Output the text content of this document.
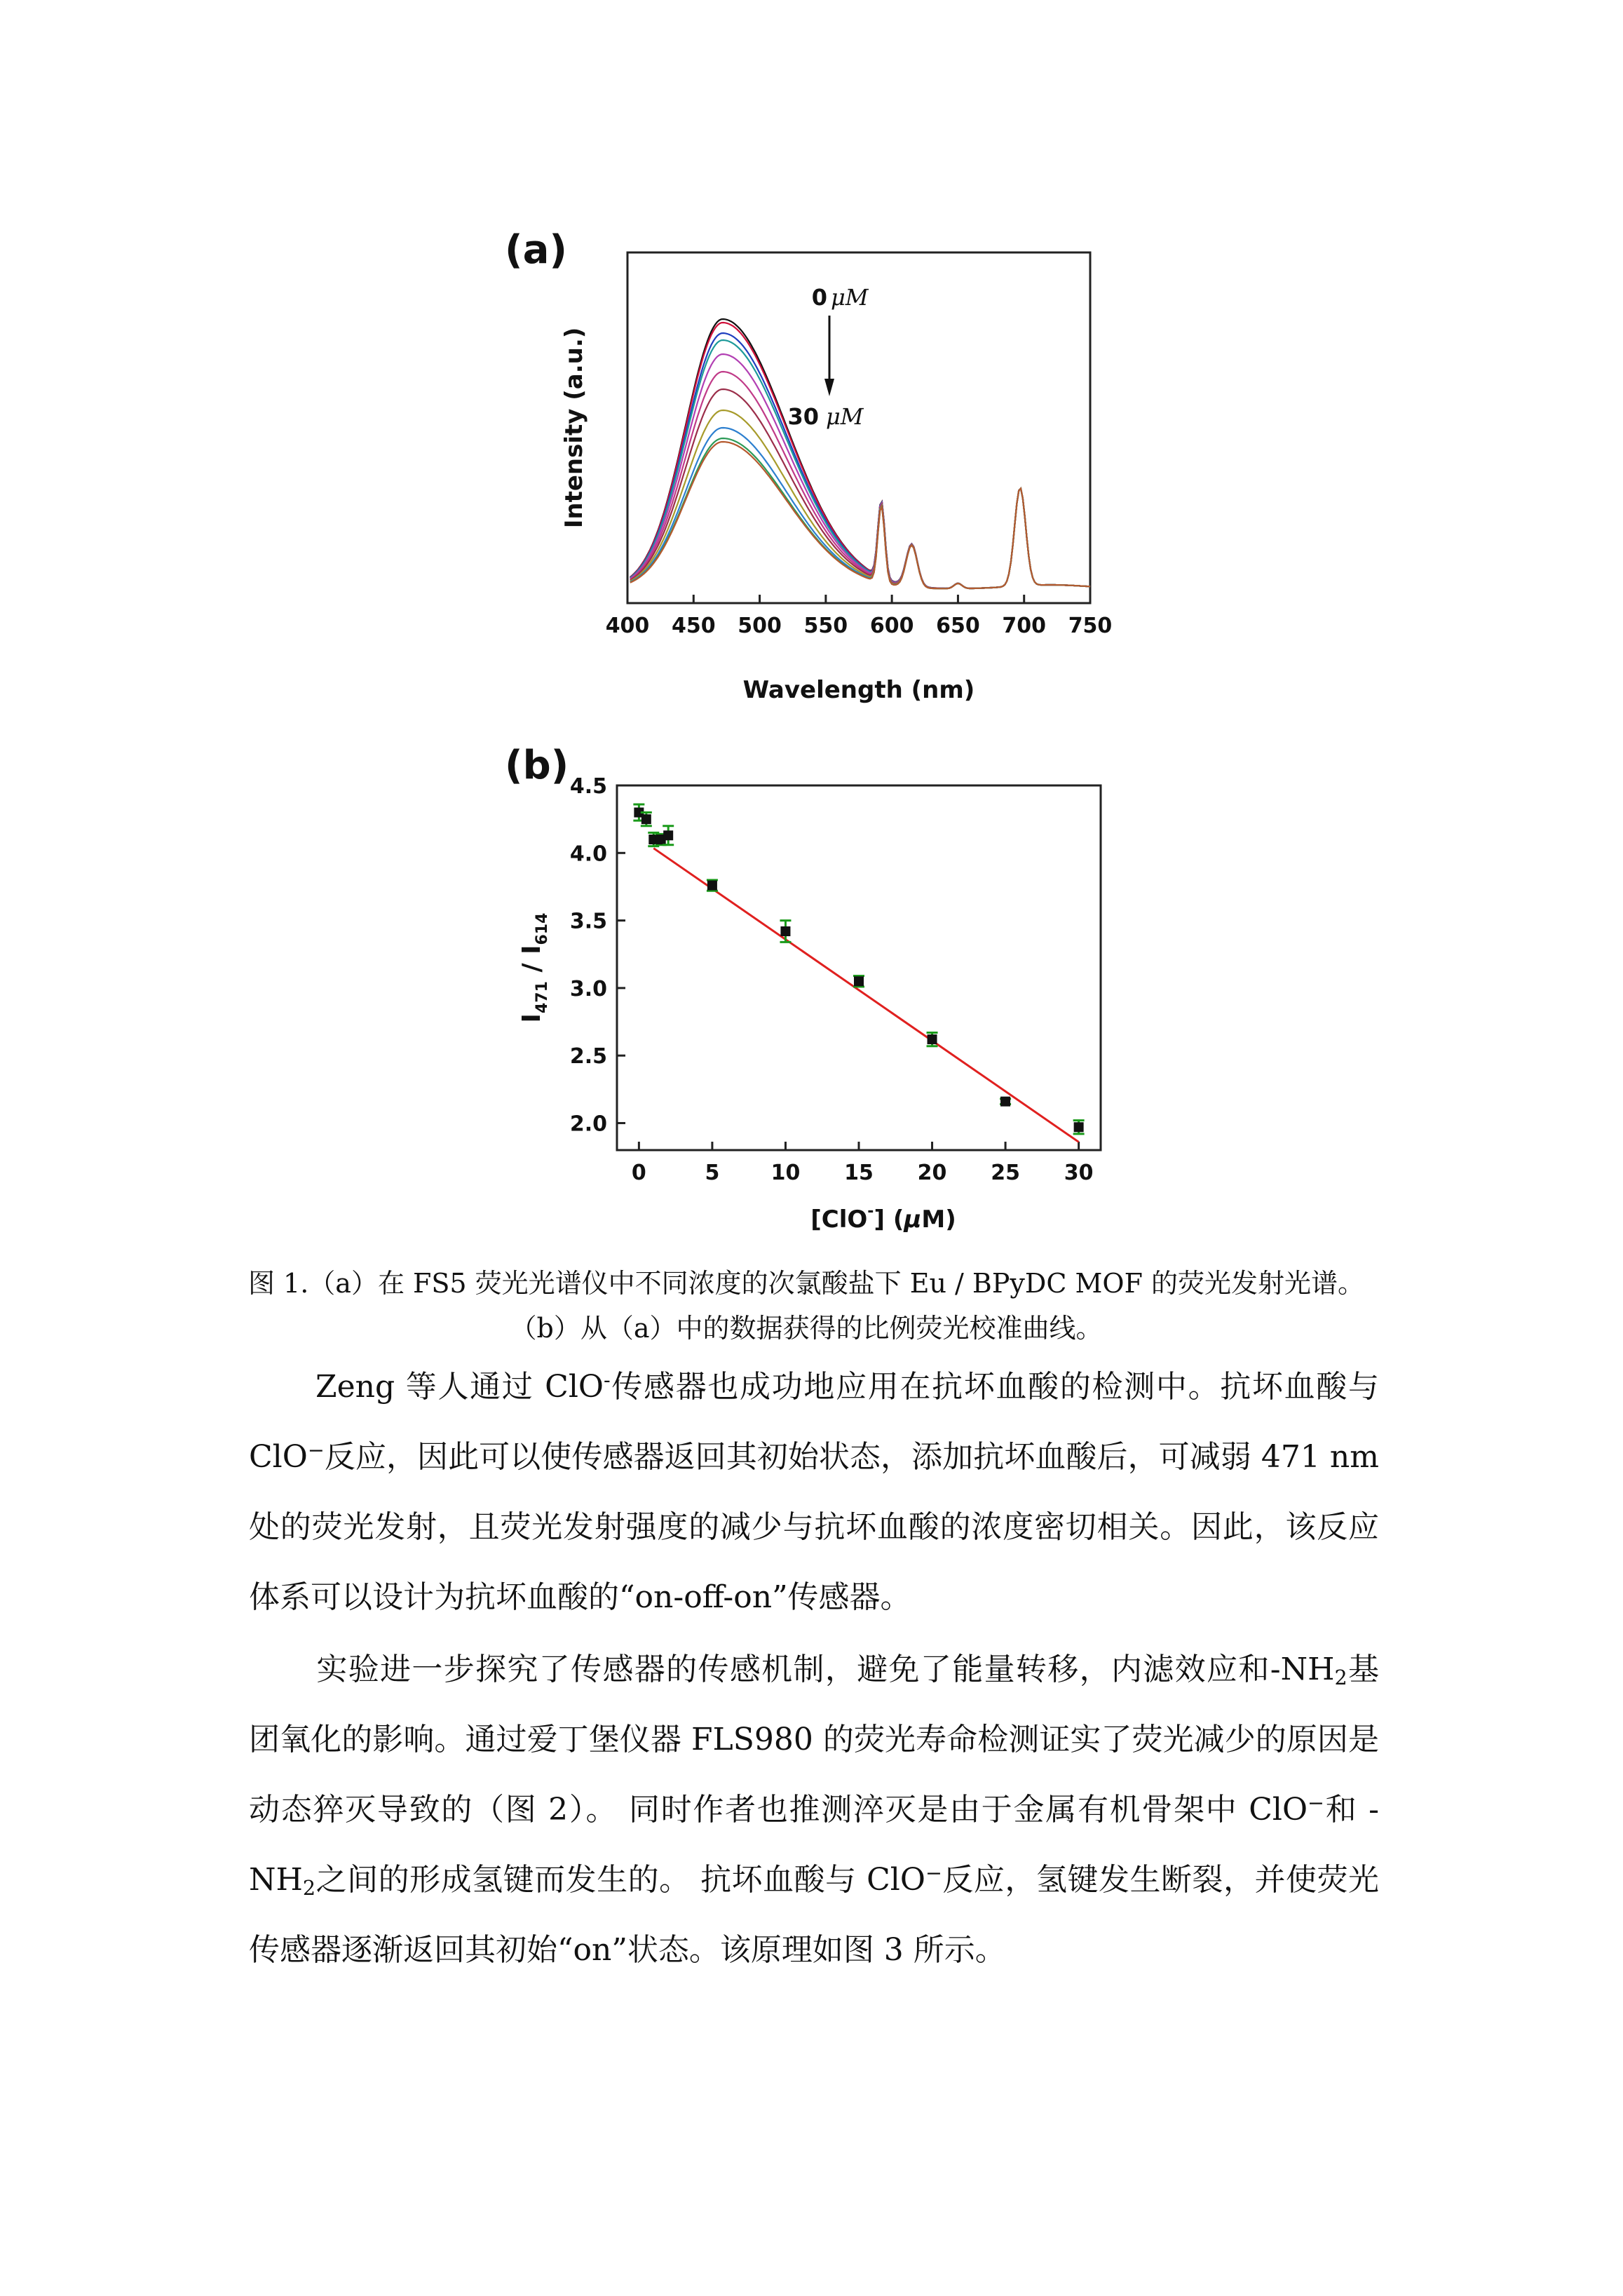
(a)
400 450 500 550 600 650 700 750
0 μM
30 μM
Wavelength (nm)
Intensity (a.u.)
(b)
0	5 10 15 20 25 30
2.0
2.5
3.0
3.5
4.0
4.5
[ClO-] (μM)
$I_{471} / I_{614}$
图 1.（a）在 FS5 荧光光谱仪中不同浓度的次氯酸盐下 Eu / BPyDC MOF 的荧光发射光谱。
（b）从（a）中的数据获得的比例荧光校准曲线。
Zeng 等人通过 ClO-传感器也成功地应用在抗坏血酸的检测中。抗坏血酸与 ClO−反应，因此可以使传感器返回其初始状态，添加抗坏血酸后，可减弱 471 nm 处的荧光发射，且荧光发射强度的减少与抗坏血酸的浓度密切相关。因此，该反应体系可以设计为抗坏血酸的“on-off-on”传感器。
实验进一步探究了传感器的传感机制，避免了能量转移，内滤效应和$-NH_2$基团氧化的影响。通过爱丁堡仪器 FLS980 的荧光寿命检测证实了荧光减少的原因是动态猝灭导致的（图 2）。 同时作者也推测淬灭是由于金属有机骨架中 ClO−和 $-NH_2$之间的形成氢键而发生的。 抗坏血酸与 ClO−反应，氢键发生断裂，并使荧光传感器逐渐返回其初始“on”状态。该原理如图 3 所示。
